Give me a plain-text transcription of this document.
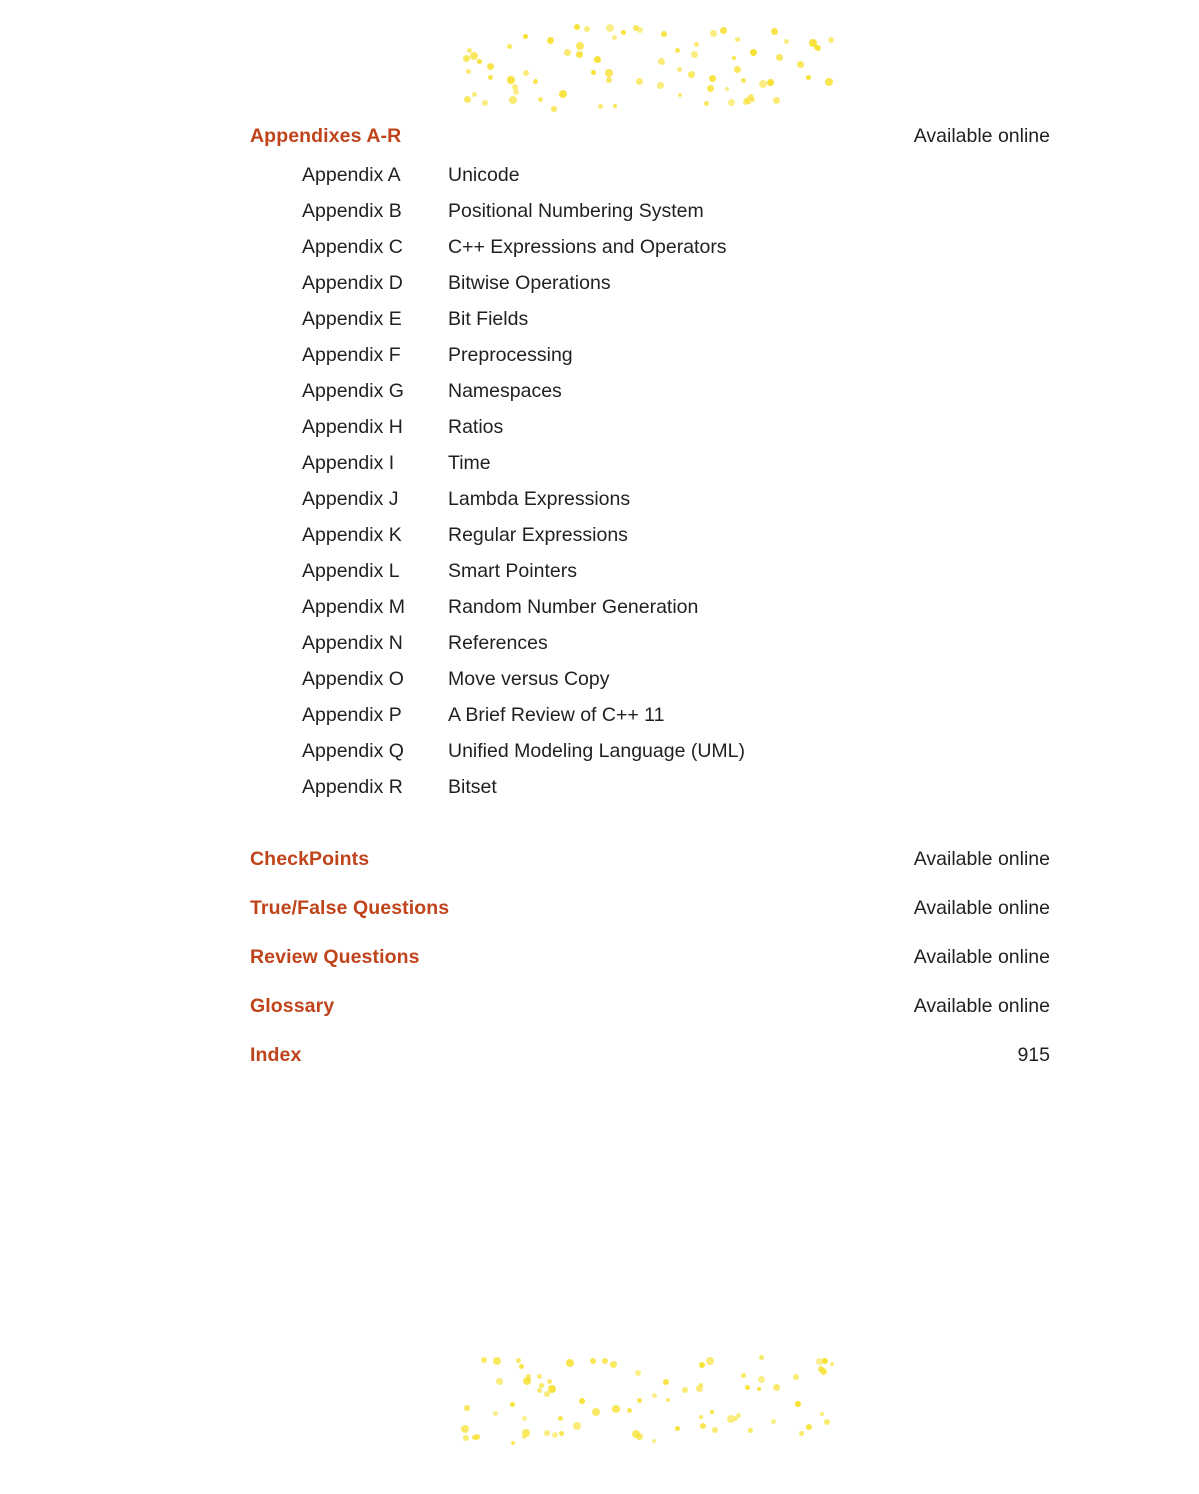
Appendixes A-R	Available online
Appendix A	Unicode
Appendix B	Positional Numbering System
Appendix C	C++ Expressions and Operators
Appendix D	Bitwise Operations
Appendix E	Bit Fields
Appendix F	Preprocessing
Appendix G	Namespaces
Appendix H	Ratios
Appendix I	Time
Appendix J	Lambda Expressions
Appendix K	Regular Expressions
Appendix L	Smart Pointers
Appendix M	Random Number Generation
Appendix N	References
Appendix O	Move versus Copy
Appendix P	A Brief Review of C++ 11
Appendix Q	Unified Modeling Language (UML)
Appendix R	Bitset
CheckPoints	Available online
True/False Questions	Available online
Review Questions	Available online
Glossary	Available online
Index	915
